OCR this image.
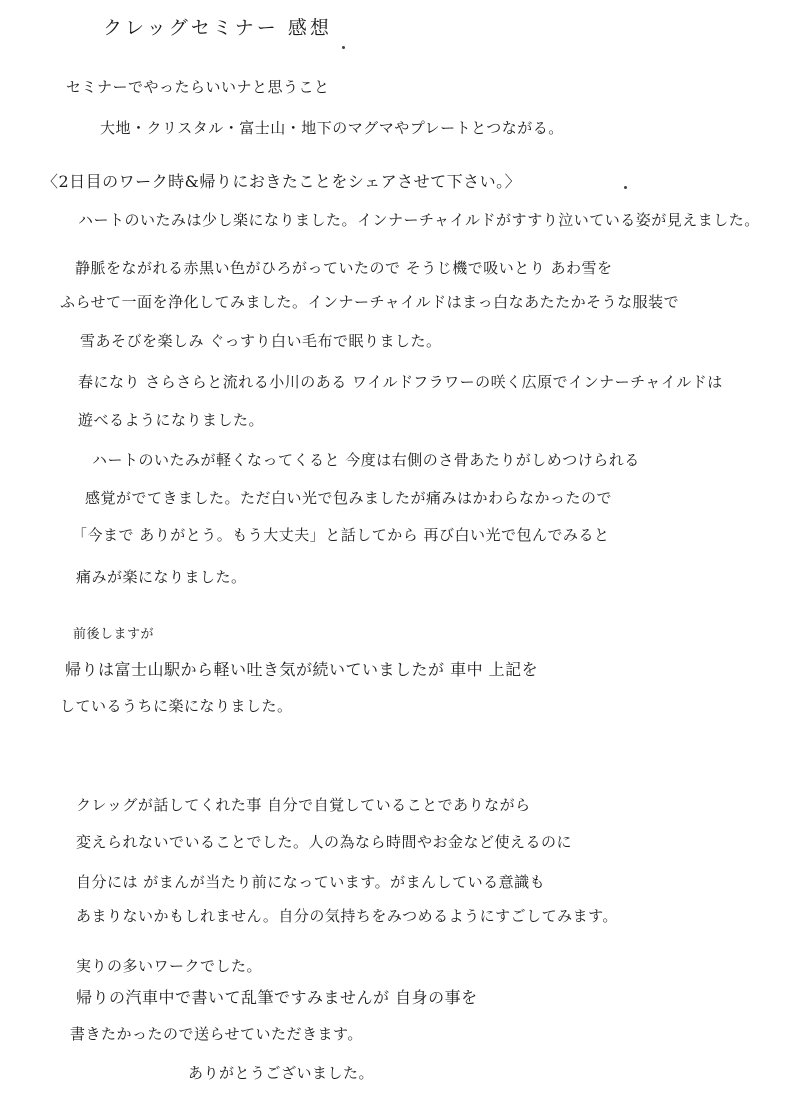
クレッグセミナー 感想
セミナーでやったらいいナと思うこと
大地・クリスタル・富士山・地下のマグマやプレートとつながる。
〈2日目のワーク時&帰りにおきたことをシェアさせて下さい。〉
ハートのいたみは少し楽になりました。インナーチャイルドがすすり泣いている姿が見えました。
静脈をながれる赤黒い色がひろがっていたので そうじ機で吸いとり あわ雪を
ふらせて一面を浄化してみました。インナーチャイルドはまっ白なあたたかそうな服装で
雪あそびを楽しみ ぐっすり白い毛布で眠りました。
春になり さらさらと流れる小川のある ワイルドフラワーの咲く広原でインナーチャイルドは
遊べるようになりました。
ハートのいたみが軽くなってくると 今度は右側のさ骨あたりがしめつけられる
感覚がでてきました。ただ白い光で包みましたが痛みはかわらなかったので
「今まで ありがとう。もう大丈夫」と話してから 再び白い光で包んでみると
痛みが楽になりました。
前後しますが
帰りは富士山駅から軽い吐き気が続いていましたが 車中 上記を
しているうちに楽になりました。
クレッグが話してくれた事 自分で自覚していることでありながら
変えられないでいることでした。人の為なら時間やお金など使えるのに
自分には がまんが当たり前になっています。がまんしている意識も
あまりないかもしれません。自分の気持ちをみつめるようにすごしてみます。
実りの多いワークでした。
帰りの汽車中で書いて乱筆ですみませんが 自身の事を
書きたかったので送らせていただきます。
ありがとうございました。
